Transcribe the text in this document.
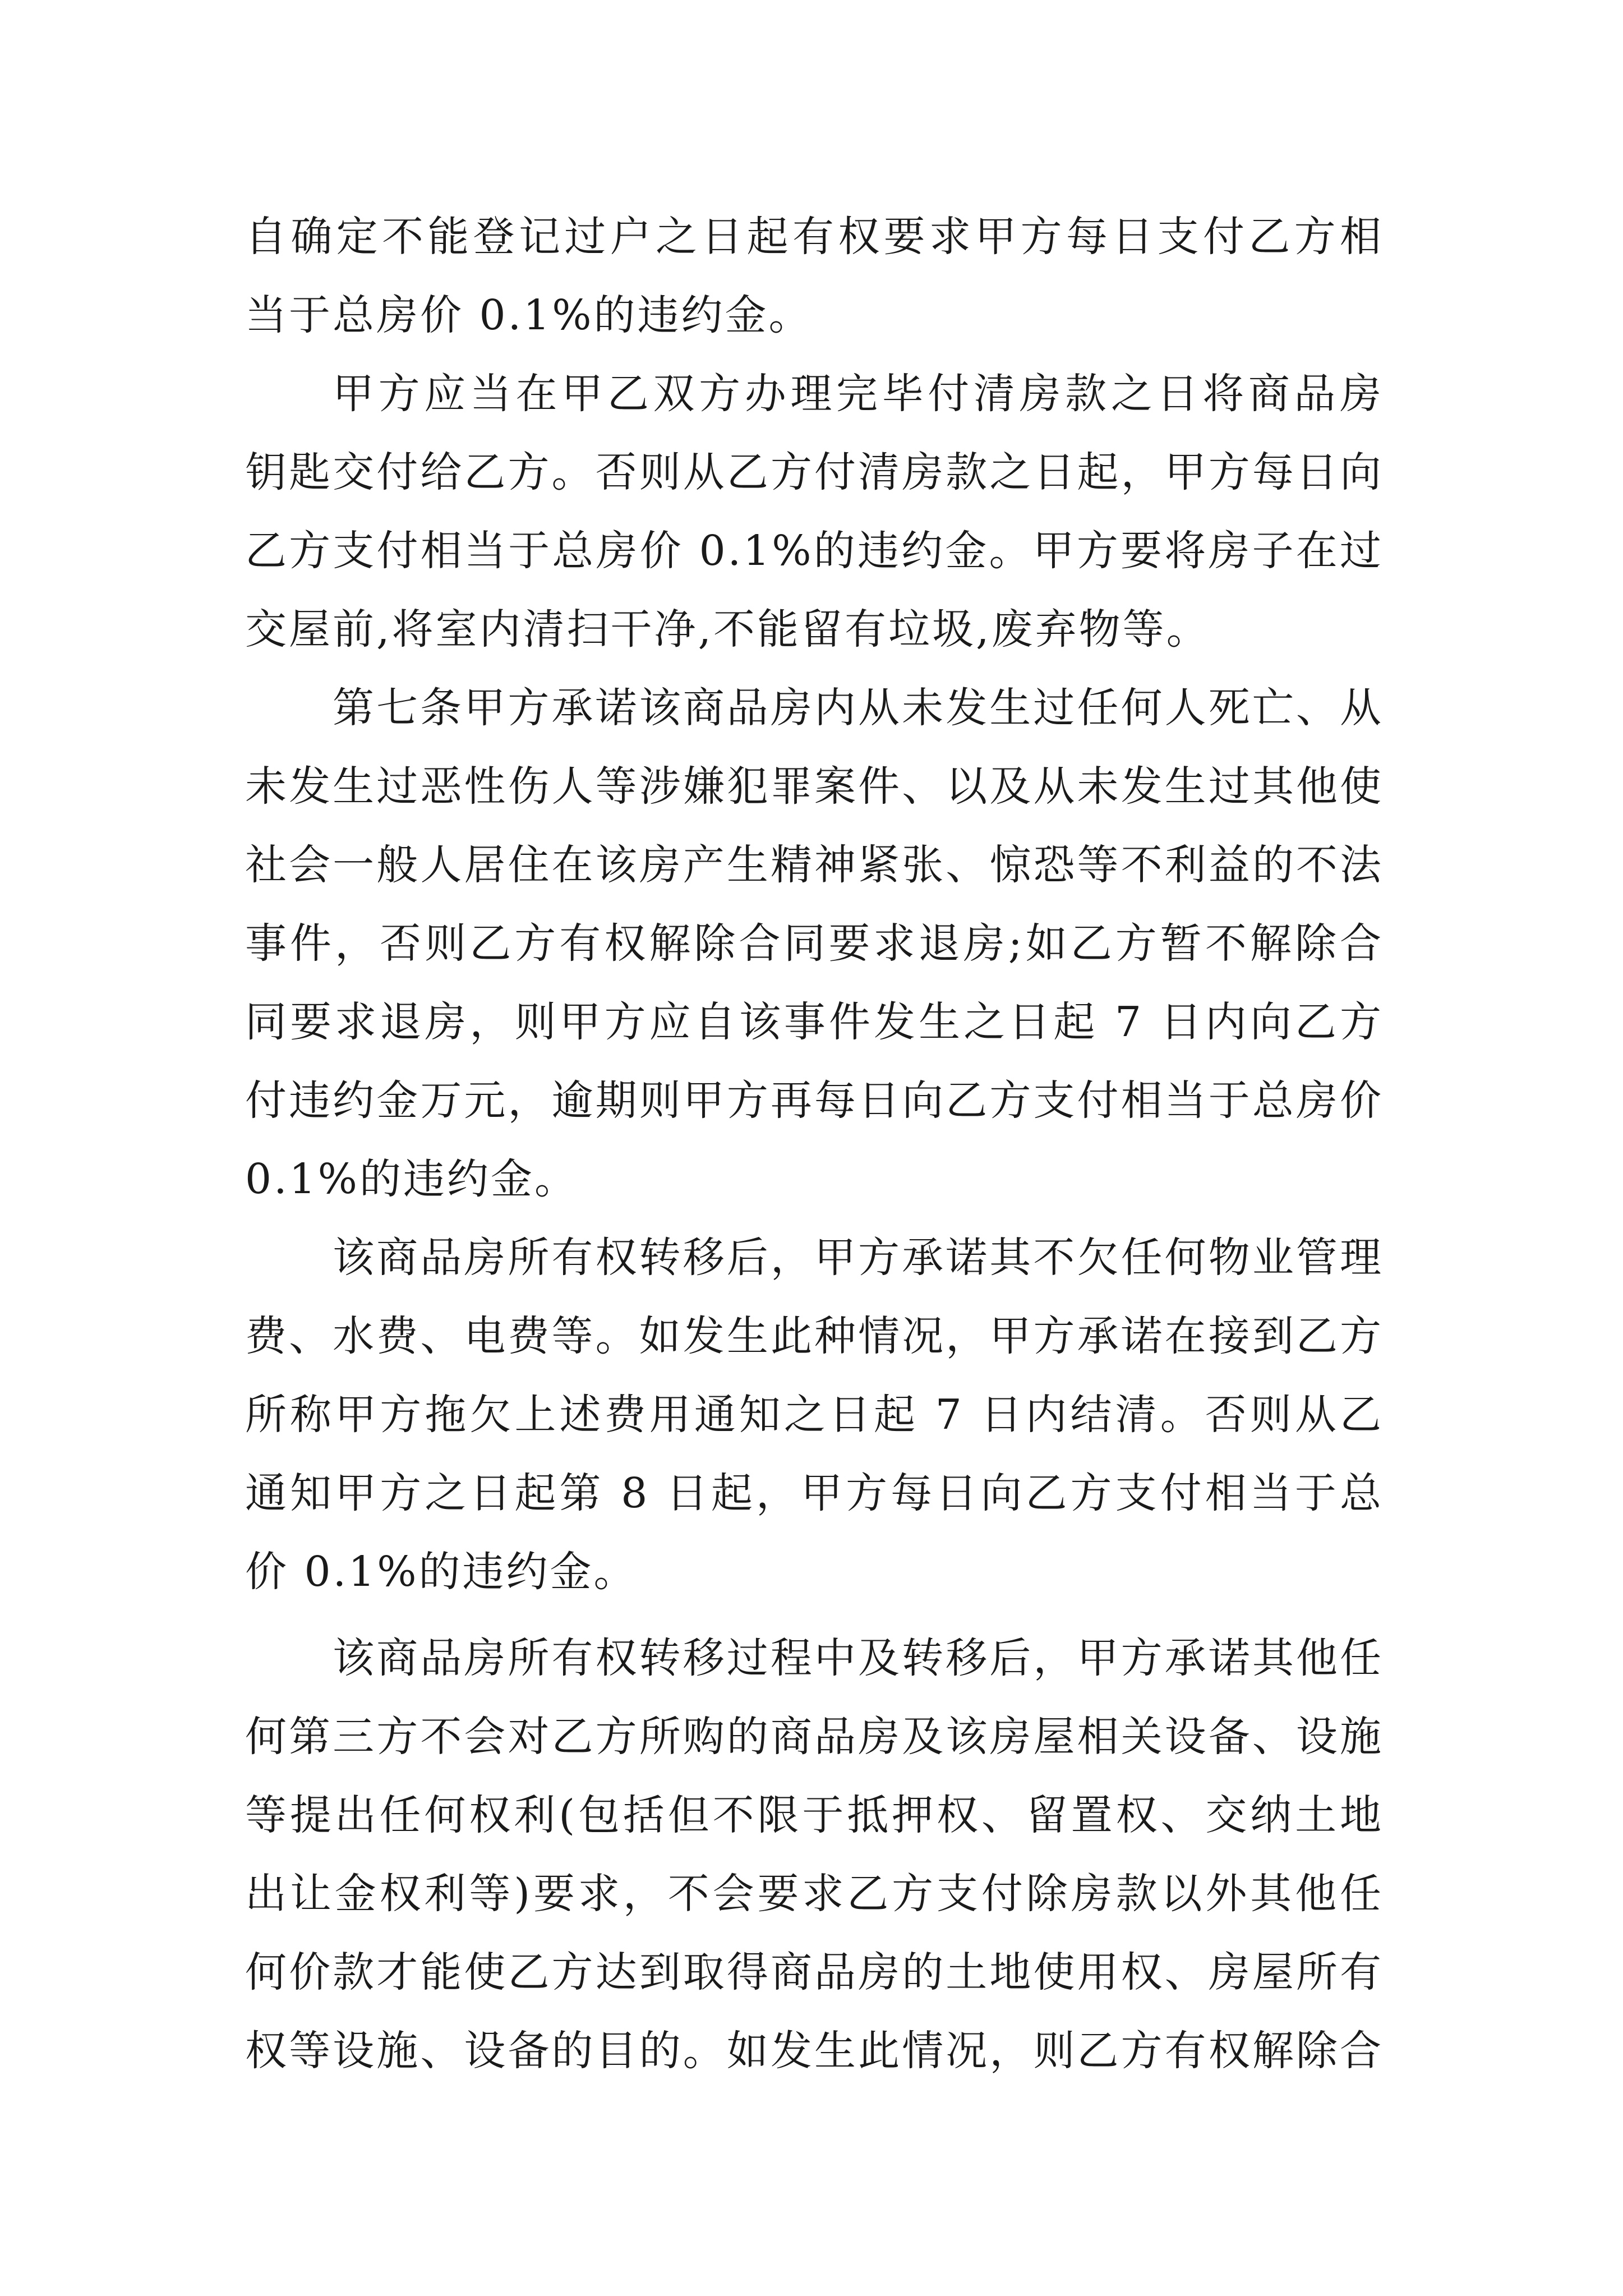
自确定不能登记过户之日起有权要求甲方每日支付乙方相
当于总房价 0.1%的违约金。
甲方应当在甲乙双方办理完毕付清房款之日将商品房
钥匙交付给乙方。否则从乙方付清房款之日起，甲方每日向
乙方支付相当于总房价 0.1%的违约金。甲方要将房子在过
交屋前,将室内清扫干净,不能留有垃圾,废弃物等。
第七条甲方承诺该商品房内从未发生过任何人死亡、从
未发生过恶性伤人等涉嫌犯罪案件、以及从未发生过其他使
社会一般人居住在该房产生精神紧张、惊恐等不利益的不法
事件，否则乙方有权解除合同要求退房;如乙方暂不解除合
同要求退房，则甲方应自该事件发生之日起 7 日内向乙方
付违约金万元，逾期则甲方再每日向乙方支付相当于总房价
0.1%的违约金。
该商品房所有权转移后，甲方承诺其不欠任何物业管理
费、水费、电费等。如发生此种情况，甲方承诺在接到乙方
所称甲方拖欠上述费用通知之日起 7 日内结清。否则从乙
通知甲方之日起第 8 日起，甲方每日向乙方支付相当于总
价 0.1%的违约金。
该商品房所有权转移过程中及转移后，甲方承诺其他任
何第三方不会对乙方所购的商品房及该房屋相关设备、设施
等提出任何权利(包括但不限于抵押权、留置权、交纳土地
出让金权利等)要求，不会要求乙方支付除房款以外其他任
何价款才能使乙方达到取得商品房的土地使用权、房屋所有
权等设施、设备的目的。如发生此情况，则乙方有权解除合
